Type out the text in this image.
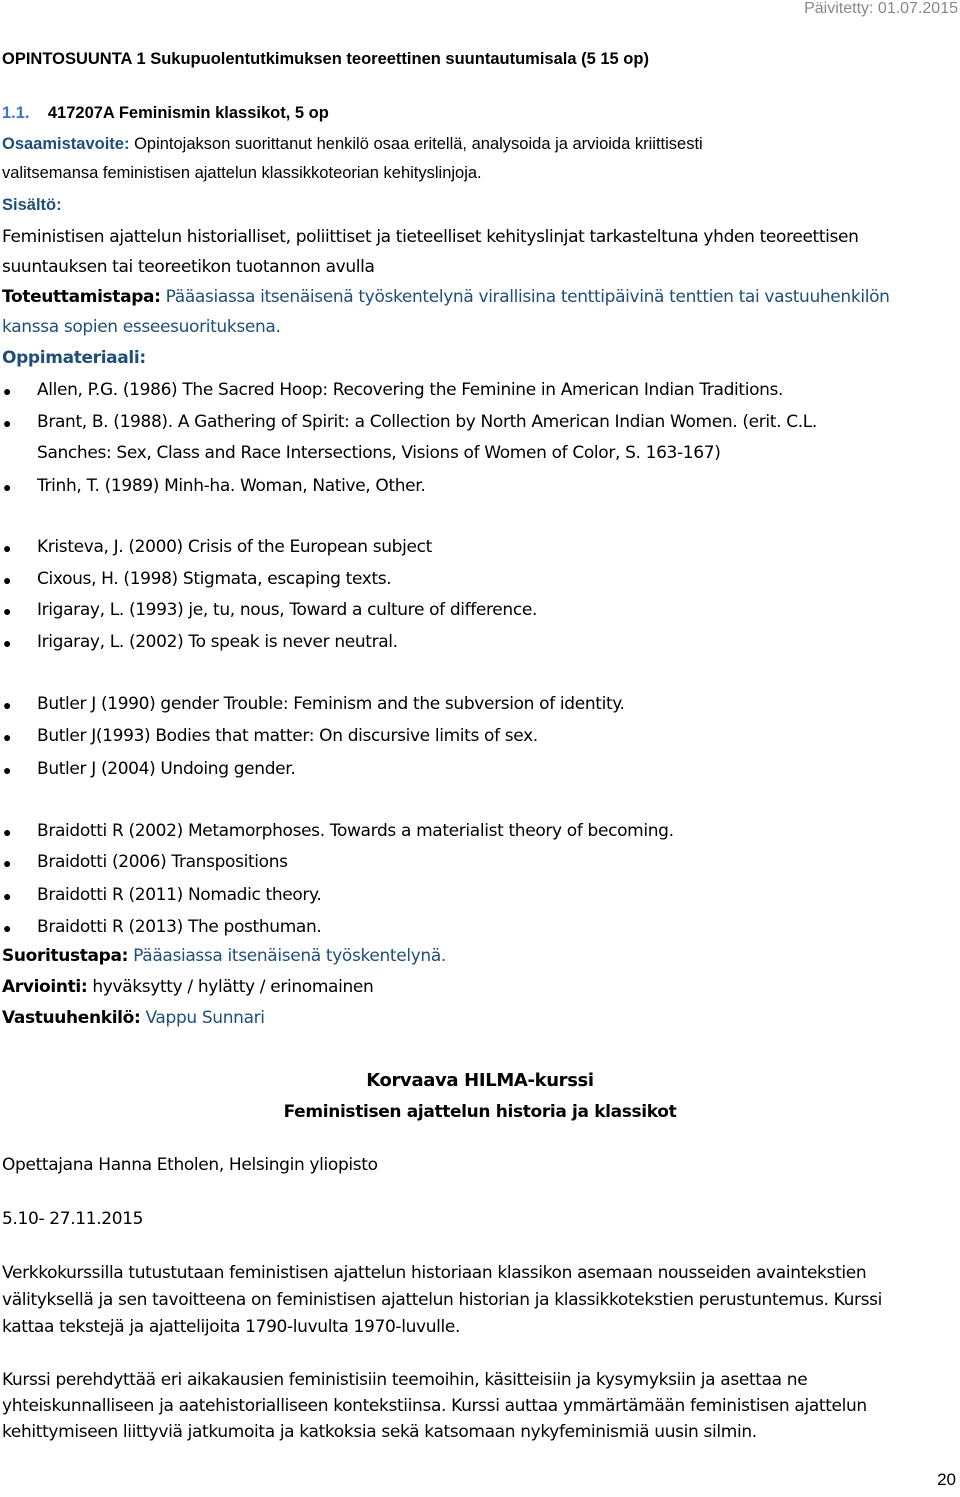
Päivitetty: 01.07.2015
OPINTOSUUNTA 1 Sukupuolentutkimuksen teoreettinen suuntautumisala (5 15 op)
1.1. 417207A Feminismin klassikot, 5 op
Osaamistavoite: Opintojakson suorittanut henkilö osaa eritellä, analysoida ja arvioida kriittisesti
valitsemansa feministisen ajattelun klassikkoteorian kehityslinjoja.
Sisältö:
Feministisen ajattelun historialliset, poliittiset ja tieteelliset kehityslinjat tarkasteltuna yhden teoreettisen
suuntauksen tai teoreetikon tuotannon avulla
Toteuttamistapa: Pääasiassa itsenäisenä työskentelynä virallisina tenttipäivinä tenttien tai vastuuhenkilön
kanssa sopien esseesuorituksena.
Oppimateriaali:
● Allen, P.G. (1986) The Sacred Hoop: Recovering the Feminine in American Indian Traditions.
● Brant, B. (1988). A Gathering of Spirit: a Collection by North American Indian Women. (erit. C.L.
Sanches: Sex, Class and Race Intersections, Visions of Women of Color, S. 163-167)
● Trinh, T. (1989) Minh-ha. Woman, Native, Other.
● Kristeva, J. (2000) Crisis of the European subject
● Cixous, H. (1998) Stigmata, escaping texts.
● Irigaray, L. (1993) je, tu, nous, Toward a culture of difference.
● Irigaray, L. (2002) To speak is never neutral.
● Butler J (1990) gender Trouble: Feminism and the subversion of identity.
● Butler J(1993) Bodies that matter: On discursive limits of sex.
● Butler J (2004) Undoing gender.
● Braidotti R (2002) Metamorphoses. Towards a materialist theory of becoming.
● Braidotti (2006) Transpositions
● Braidotti R (2011) Nomadic theory.
● Braidotti R (2013) The posthuman.
Suoritustapa: Pääasiassa itsenäisenä työskentelynä.
Arviointi: hyväksytty / hylätty / erinomainen
Vastuuhenkilö: Vappu Sunnari
Korvaava HILMA-kurssi
Feministisen ajattelun historia ja klassikot
Opettajana Hanna Etholen, Helsingin yliopisto
5.10- 27.11.2015
Verkkokurssilla tutustutaan feministisen ajattelun historiaan klassikon asemaan nousseiden avaintekstien
välityksellä ja sen tavoitteena on feministisen ajattelun historian ja klassikkotekstien perustuntemus. Kurssi
kattaa tekstejä ja ajattelijoita 1790-luvulta 1970-luvulle.
Kurssi perehdyttää eri aikakausien feministisiin teemoihin, käsitteisiin ja kysymyksiin ja asettaa ne
yhteiskunnalliseen ja aatehistorialliseen kontekstiinsa. Kurssi auttaa ymmärtämään feministisen ajattelun
kehittymiseen liittyviä jatkumoita ja katkoksia sekä katsomaan nykyfeminismiä uusin silmin.
20
